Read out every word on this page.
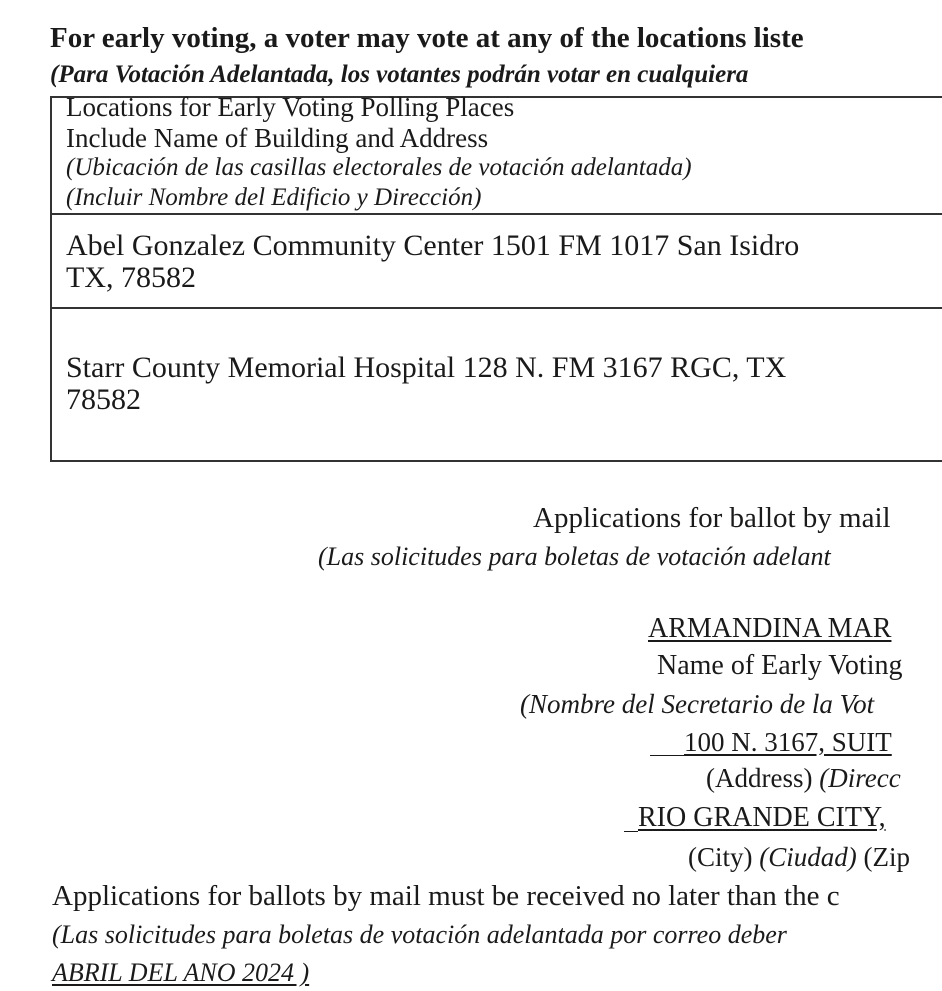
For early voting, a voter may vote at any of the locations liste
(Para Votación Adelantada, los votantes podrán votar en cualquiera
Locations for Early Voting Polling Places
Include Name of Building and Address
(Ubicación de las casillas electorales de votación adelantada)
(Incluir Nombre del Edificio y Dirección)
Abel Gonzalez Community Center 1501 FM 1017 San Isidro
TX, 78582
Starr County Memorial Hospital 128 N. FM 3167 RGC, TX
78582
Applications for ballot by mail
(Las solicitudes para boletas de votación adelant
ARMANDINA MAR
Name of Early Voting
(Nombre del Secretario de la Vot
100 N. 3167, SUIT
(Address) (Direcc
RIO GRANDE CITY,
(City) (Ciudad) (Zip
Applications for ballots by mail must be received no later than the c
(Las solicitudes para boletas de votación adelantada por correo deber
ABRIL DEL ANO 2024 )
